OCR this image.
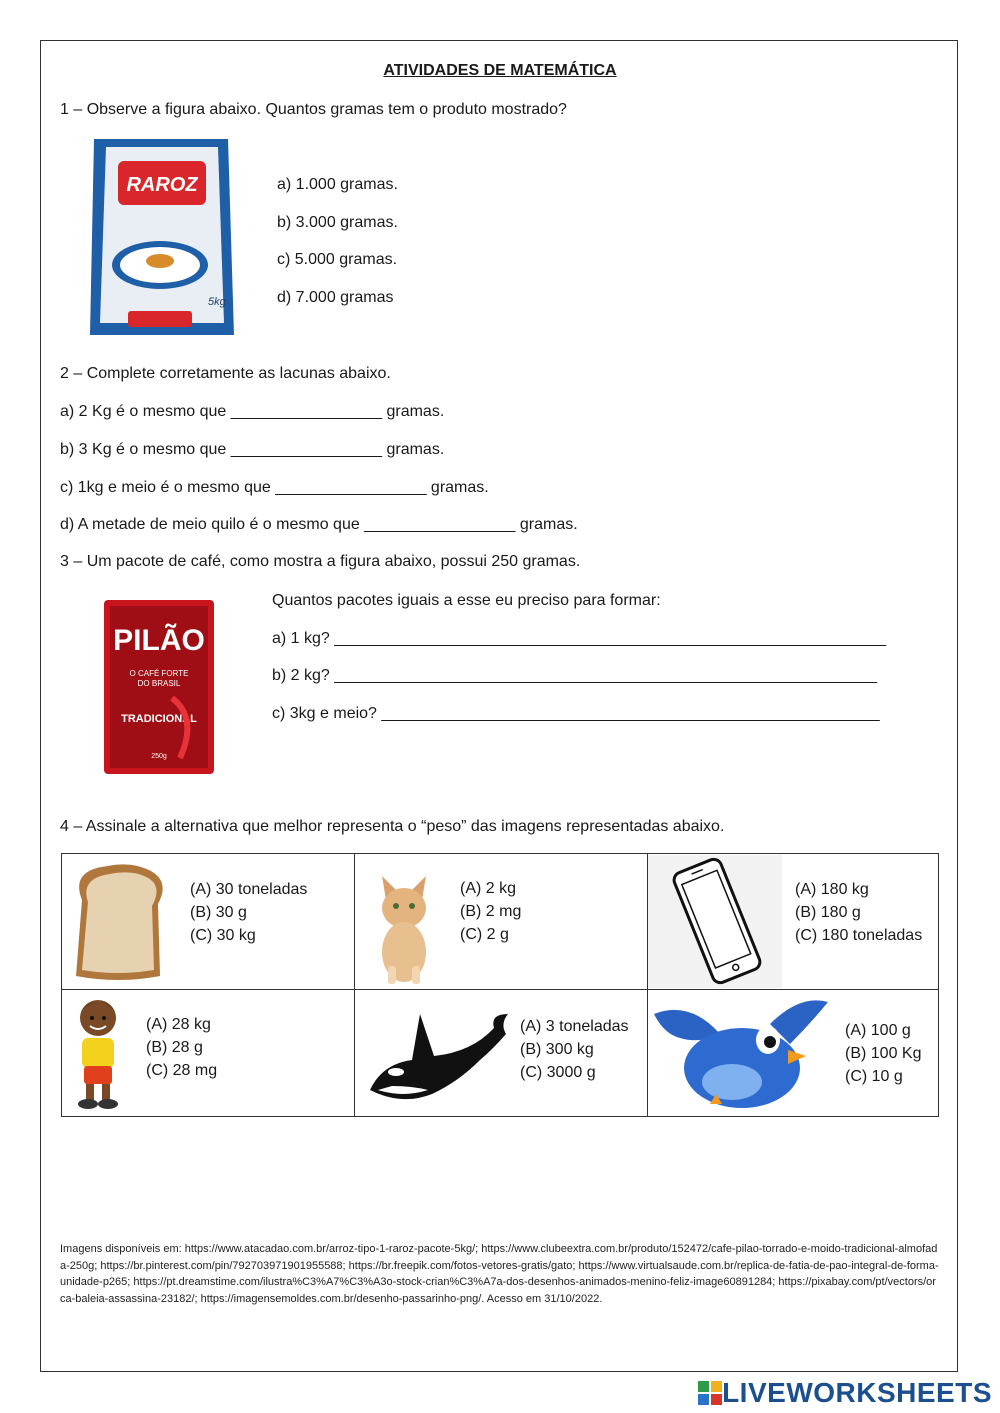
ATIVIDADES DE MATEMÁTICA
1 – Observe a figura abaixo. Quantos gramas tem o produto mostrado?
RAROZ
5kg
a) 1.000 gramas.
b) 3.000 gramas.
c) 5.000 gramas.
d) 7.000 gramas
2 – Complete corretamente as lacunas abaixo.
a) 2 Kg é o mesmo que _________________ gramas.
b) 3 Kg é o mesmo que _________________ gramas.
c) 1kg e meio é o mesmo que _________________ gramas.
d) A metade de meio quilo é o mesmo que _________________ gramas.
3 – Um pacote de café, como mostra a figura abaixo, possui 250 gramas.
PILÃO
O CAFÉ FORTE
DO BRASIL
TRADICIONAL
250g
Quantos pacotes iguais a esse eu preciso para formar:
a) 1 kg? ______________________________________________________________
b) 2 kg? _____________________________________________________________
c) 3kg e meio? ________________________________________________________
4 – Assinale a alternativa que melhor representa o “peso” das imagens representadas abaixo.
(A) 30 toneladas
(B) 30 g
(C) 30 kg
(A) 2 kg
(B) 2 mg
(C) 2 g
(A) 180 kg
(B) 180 g
(C) 180 toneladas
(A) 28 kg
(B) 28 g
(C) 28 mg
(A) 3 toneladas
(B) 300 kg
(C) 3000 g
(A) 100 g
(B) 100 Kg
(C) 10 g
Imagens disponíveis em: https://www.atacadao.com.br/arroz-tipo-1-raroz-pacote-5kg/; https://www.clubeextra.com.br/produto/152472/cafe-pilao-torrado-e-moido-tradicional-almofada-250g; https://br.pinterest.com/pin/792703971901955588; https://br.freepik.com/fotos-vetores-gratis/gato; https://www.virtualsaude.com.br/replica-de-fatia-de-pao-integral-de-forma-unidade-p265; https://pt.dreamstime.com/ilustra%C3%A7%C3%A3o-stock-crian%C3%A7a-dos-desenhos-animados-menino-feliz-image60891284; https://pixabay.com/pt/vectors/orca-baleia-assassina-23182/; https://imagensemoldes.com.br/desenho-passarinho-png/. Acesso em 31/10/2022.
LIVEWORKSHEETS
